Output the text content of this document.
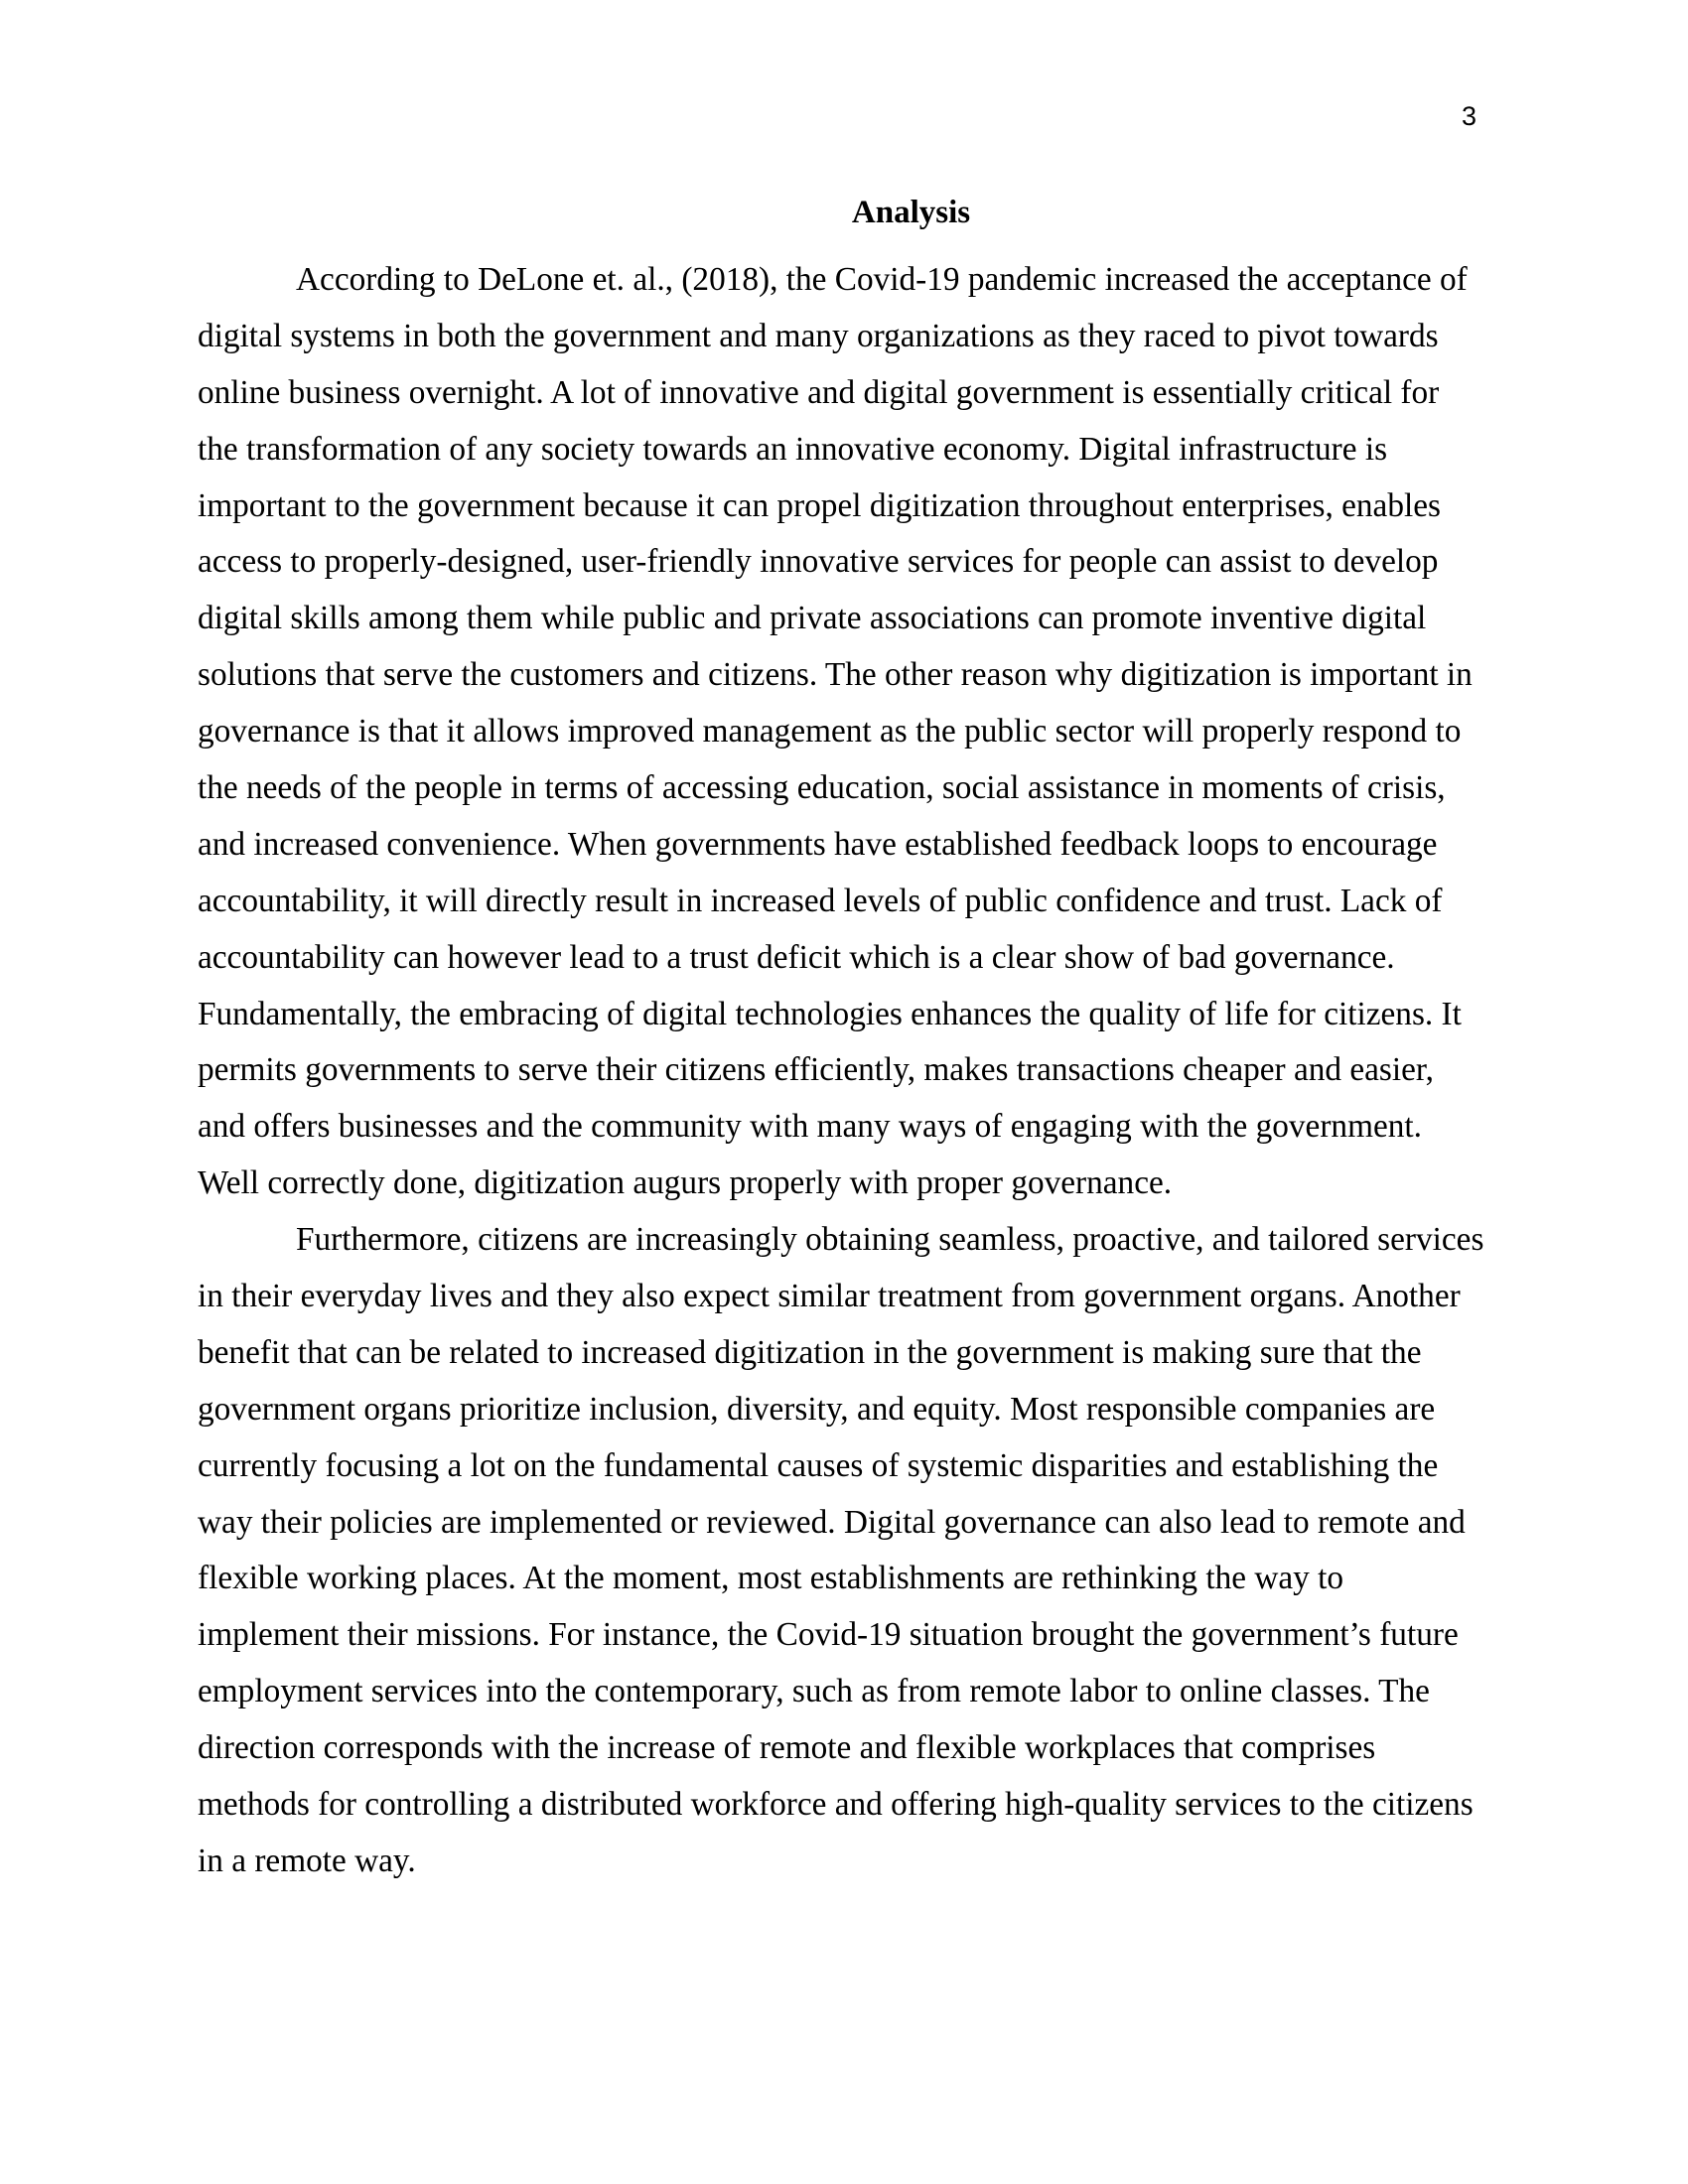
3
Analysis
According to DeLone et. al., (2018), the Covid-19 pandemic increased the acceptance of
digital systems in both the government and many organizations as they raced to pivot towards
online business overnight. A lot of innovative and digital government is essentially critical for
the transformation of any society towards an innovative economy. Digital infrastructure is
important to the government because it can propel digitization throughout enterprises, enables
access to properly-designed, user-friendly innovative services for people can assist to develop
digital skills among them while public and private associations can promote inventive digital
solutions that serve the customers and citizens. The other reason why digitization is important in
governance is that it allows improved management as the public sector will properly respond to
the needs of the people in terms of accessing education, social assistance in moments of crisis,
and increased convenience. When governments have established feedback loops to encourage
accountability, it will directly result in increased levels of public confidence and trust. Lack of
accountability can however lead to a trust deficit which is a clear show of bad governance.
Fundamentally, the embracing of digital technologies enhances the quality of life for citizens. It
permits governments to serve their citizens efficiently, makes transactions cheaper and easier,
and offers businesses and the community with many ways of engaging with the government.
Well correctly done, digitization augurs properly with proper governance.
Furthermore, citizens are increasingly obtaining seamless, proactive, and tailored services
in their everyday lives and they also expect similar treatment from government organs. Another
benefit that can be related to increased digitization in the government is making sure that the
government organs prioritize inclusion, diversity, and equity. Most responsible companies are
currently focusing a lot on the fundamental causes of systemic disparities and establishing the
way their policies are implemented or reviewed. Digital governance can also lead to remote and
flexible working places. At the moment, most establishments are rethinking the way to
implement their missions. For instance, the Covid-19 situation brought the government’s future
employment services into the contemporary, such as from remote labor to online classes. The
direction corresponds with the increase of remote and flexible workplaces that comprises
methods for controlling a distributed workforce and offering high-quality services to the citizens
in a remote way.
